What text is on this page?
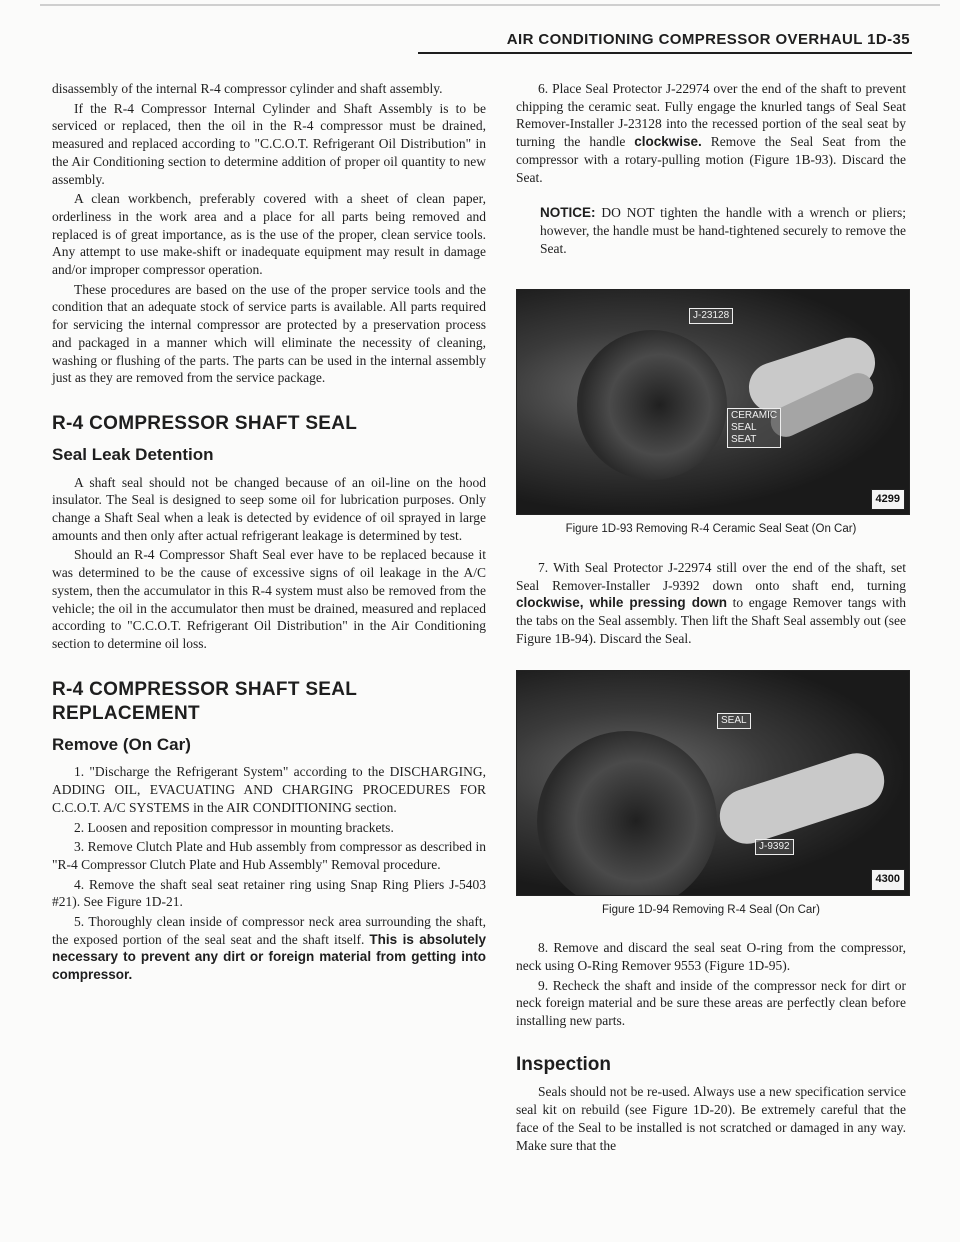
AIR CONDITIONING COMPRESSOR OVERHAUL 1D-35

disassembly of the internal R-4 compressor cylinder and shaft assembly.

If the R-4 Compressor Internal Cylinder and Shaft Assembly is to be serviced or replaced, then the oil in the R-4 compressor must be drained, measured and replaced according to "C.C.O.T. Refrigerant Oil Distribution" in the Air Conditioning section to determine addition of proper oil quantity to new assembly.

A clean workbench, preferably covered with a sheet of clean paper, orderliness in the work area and a place for all parts being removed and replaced is of great importance, as is the use of the proper, clean service tools. Any attempt to use make-shift or inadequate equipment may result in damage and/or improper compressor operation.

These procedures are based on the use of the proper service tools and the condition that an adequate stock of service parts is available. All parts required for servicing the internal compressor are protected by a preservation process and packaged in a manner which will eliminate the necessity of cleaning, washing or flushing of the parts. The parts can be used in the internal assembly just as they are removed from the service package.

R-4 COMPRESSOR SHAFT SEAL
Seal Leak Detention

A shaft seal should not be changed because of an oil-line on the hood insulator. The Seal is designed to seep some oil for lubrication purposes. Only change a Shaft Seal when a leak is detected by evidence of oil sprayed in large amounts and then only after actual refrigerant leakage is determined by test.

Should an R-4 Compressor Shaft Seal ever have to be replaced because it was determined to be the cause of excessive signs of oil leakage in the A/C system, then the accumulator in this R-4 system must also be removed from the vehicle; the oil in the accumulator then must be drained, measured and replaced according to "C.C.O.T. Refrigerant Oil Distribution" in the Air Conditioning section to determine oil loss.

R-4 COMPRESSOR SHAFT SEAL REPLACEMENT
Remove (On Car)

1. "Discharge the Refrigerant System" according to the DISCHARGING, ADDING OIL, EVACUATING AND CHARGING PROCEDURES FOR C.C.O.T. A/C SYSTEMS in the AIR CONDITIONING section.

2. Loosen and reposition compressor in mounting brackets.

3. Remove Clutch Plate and Hub assembly from compressor as described in "R-4 Compressor Clutch Plate and Hub Assembly" Removal procedure.

4. Remove the shaft seal seat retainer ring using Snap Ring Pliers J-5403 #21). See Figure 1D-21.

5. Thoroughly clean inside of compressor neck area surrounding the shaft, the exposed portion of the seal seat and the shaft itself. This is absolutely necessary to prevent any dirt or foreign material from getting into compressor.

6. Place Seal Protector J-22974 over the end of the shaft to prevent chipping the ceramic seat. Fully engage the knurled tangs of Seal Seat Remover-Installer J-23128 into the recessed portion of the seal seat by turning the handle clockwise. Remove the Seal Seat from the compressor with a rotary-pulling motion (Figure 1B-93). Discard the Seat.

NOTICE: DO NOT tighten the handle with a wrench or pliers; however, the handle must be hand-tightened securely to remove the Seat.

J-23128
CERAMIC
SEAL
SEAT
4299
Figure 1D-93 Removing R-4 Ceramic Seal Seat (On Car)

7. With Seal Protector J-22974 still over the end of the shaft, set Seal Remover-Installer J-9392 down onto shaft end, turning clockwise, while pressing down to engage Remover tangs with the tabs on the Seal assembly. Then lift the Shaft Seal assembly out (see Figure 1B-94). Discard the Seal.

SEAL
J-9392
4300
Figure 1D-94 Removing R-4 Seal (On Car)

8. Remove and discard the seal seat O-ring from the compressor, neck using O-Ring Remover 9553 (Figure 1D-95).

9. Recheck the shaft and inside of the compressor neck for dirt or neck foreign material and be sure these areas are perfectly clean before installing new parts.

Inspection

Seals should not be re-used. Always use a new specification service seal kit on rebuild (see Figure 1D-20). Be extremely careful that the face of the Seal to be installed is not scratched or damaged in any way. Make sure that the
